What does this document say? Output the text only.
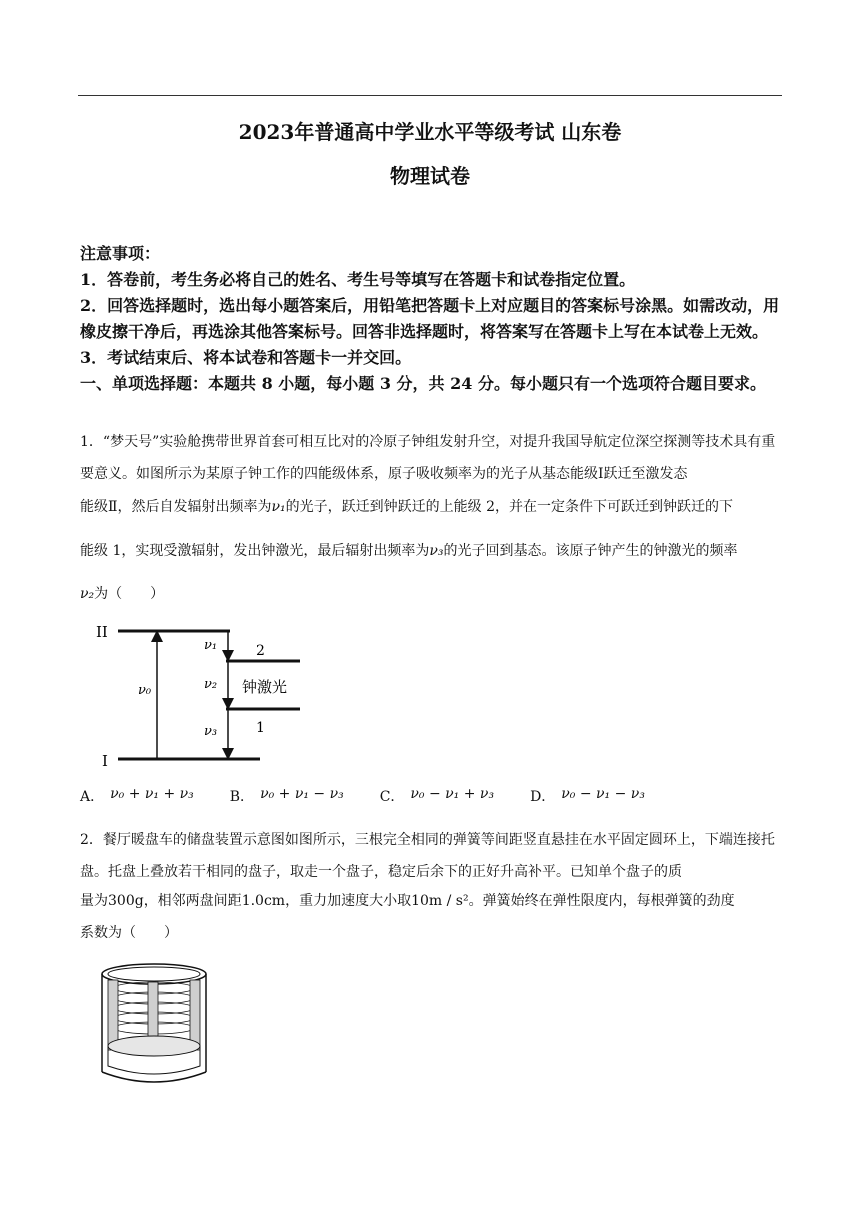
2023年普通高中学业水平等级考试 山东卷
物理试卷

注意事项：

1．答卷前，考生务必将自己的姓名、考生号等填写在答题卡和试卷指定位置。

2．回答选择题时，选出每小题答案后，用铅笔把答题卡上对应题目的答案标号涂黑。如需改动，用橡皮擦干净后，再选涂其他答案标号。回答非选择题时，将答案写在答题卡上写在本试卷上无效。

3．考试结束后、将本试卷和答题卡一并交回。

一、单项选择题：本题共 8 小题，每小题 3 分，共 24 分。每小题只有一个选项符合题目要求。

1．“梦天号”实验舱携带世界首套可相互比对的冷原子钟组发射升空，对提升我国导航定位深空探测等技术具有重要意义。如图所示为某原子钟工作的四能级体系，原子吸收频率为的光子从基态能级Ⅰ跃迁至激发态

能级Ⅱ，然后自发辐射出频率为ν₁的光子，跃迁到钟跃迁的上能级 2，并在一定条件下可跃迁到钟跃迁的下

能级 1，实现受激辐射，发出钟激光，最后辐射出频率为ν₃的光子回到基态。该原子钟产生的钟激光的频率

ν₂为（　　）

II
I
2
1
ν₀
ν₁
ν₂
ν₃
钟激光
A． ν₀ + ν₁ + ν₃	B． ν₀ + ν₁ − ν₃	C． ν₀ − ν₁ + ν₃	D． ν₀ − ν₁ − ν₃

2．餐厅暖盘车的储盘装置示意图如图所示，三根完全相同的弹簧等间距竖直悬挂在水平固定圆环上，下端连接托盘。托盘上叠放若干相同的盘子，取走一个盘子，稳定后余下的正好升高补平。已知单个盘子的质

量为300g，相邻两盘间距1.0cm，重力加速度大小取10m / s²。弹簧始终在弹性限度内，每根弹簧的劲度

系数为（　　）
